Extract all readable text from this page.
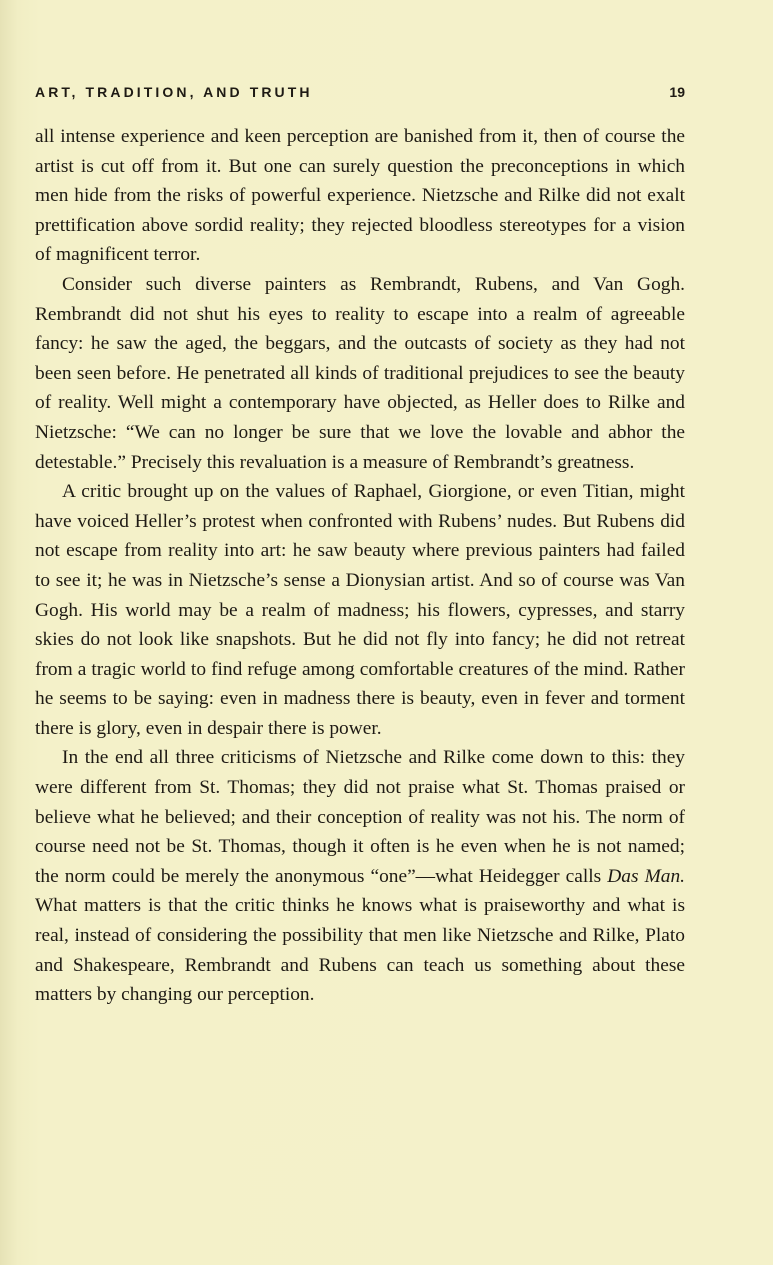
ART, TRADITION, AND TRUTH	19

all intense experience and keen perception are banished from it, then of course the artist is cut off from it. But one can surely question the preconceptions in which men hide from the risks of powerful experience. Nietzsche and Rilke did not exalt prettification above sordid reality; they rejected bloodless stereotypes for a vision of magnificent terror.

Consider such diverse painters as Rembrandt, Rubens, and Van Gogh. Rembrandt did not shut his eyes to reality to escape into a realm of agreeable fancy: he saw the aged, the beggars, and the outcasts of society as they had not been seen before. He penetrated all kinds of traditional prejudices to see the beauty of reality. Well might a contemporary have objected, as Heller does to Rilke and Nietzsche: “We can no longer be sure that we love the lovable and abhor the detestable.” Precisely this revaluation is a measure of Rembrandt’s greatness.

A critic brought up on the values of Raphael, Giorgione, or even Titian, might have voiced Heller’s protest when confronted with Rubens’ nudes. But Rubens did not escape from reality into art: he saw beauty where previous painters had failed to see it; he was in Nietzsche’s sense a Dionysian artist. And so of course was Van Gogh. His world may be a realm of madness; his flowers, cypresses, and starry skies do not look like snapshots. But he did not fly into fancy; he did not retreat from a tragic world to find refuge among comfortable creatures of the mind. Rather he seems to be saying: even in madness there is beauty, even in fever and torment there is glory, even in despair there is power.

In the end all three criticisms of Nietzsche and Rilke come down to this: they were different from St. Thomas; they did not praise what St. Thomas praised or believe what he believed; and their conception of reality was not his. The norm of course need not be St. Thomas, though it often is he even when he is not named; the norm could be merely the anonymous “one”—what Heidegger calls Das Man. What matters is that the critic thinks he knows what is praiseworthy and what is real, instead of considering the possibility that men like Nietzsche and Rilke, Plato and Shakespeare, Rembrandt and Rubens can teach us something about these matters by changing our perception.
